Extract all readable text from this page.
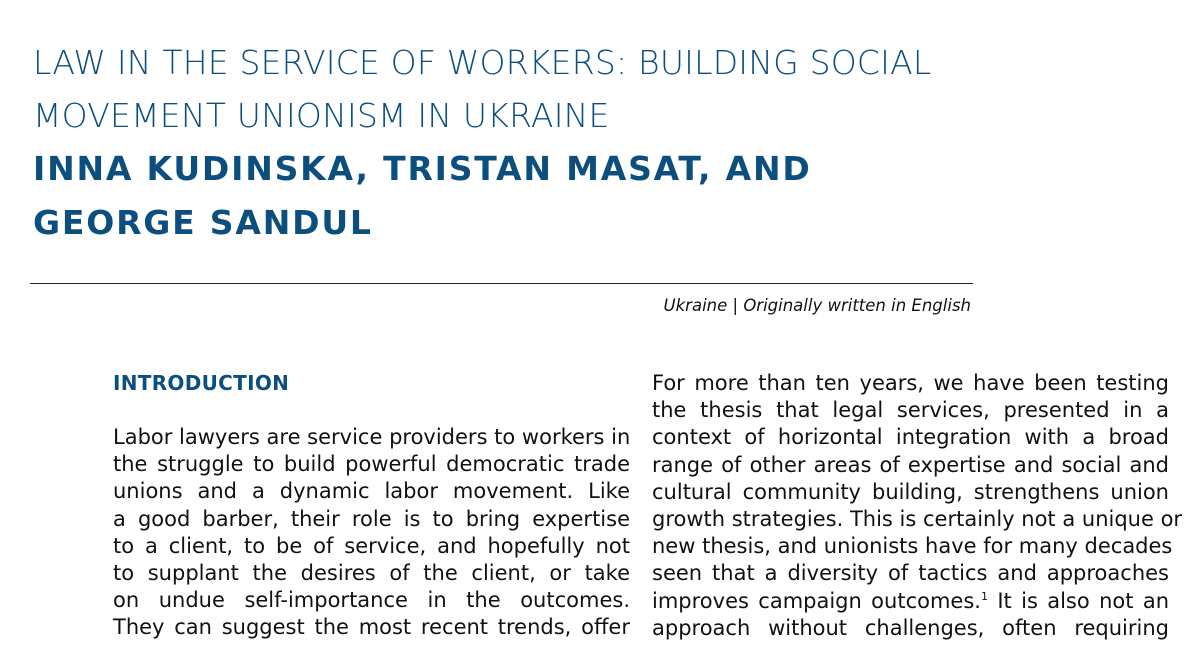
LAW IN THE SERVICE OF WORKERS: BUILDING SOCIAL
MOVEMENT UNIONISM IN UKRAINE
INNA KUDINSKA, TRISTAN MASAT, AND
GEORGE SANDUL
Ukraine | Originally written in English
INTRODUCTION
Labor lawyers are service providers to workers in
the struggle to build powerful democratic trade
unions and a dynamic labor movement. Like
a good barber, their role is to bring expertise
to a client, to be of service, and hopefully not
to supplant the desires of the client, or take
on undue self-importance in the outcomes.
They can suggest the most recent trends, offer
For more than ten years, we have been testing
the thesis that legal services, presented in a
context of horizontal integration with a broad
range of other areas of expertise and social and
cultural community building, strengthens union
growth strategies. This is certainly not a unique or
new thesis, and unionists have for many decades
seen that a diversity of tactics and approaches
improves campaign outcomes.$^1$ It is also not an
approach without challenges, often requiring
